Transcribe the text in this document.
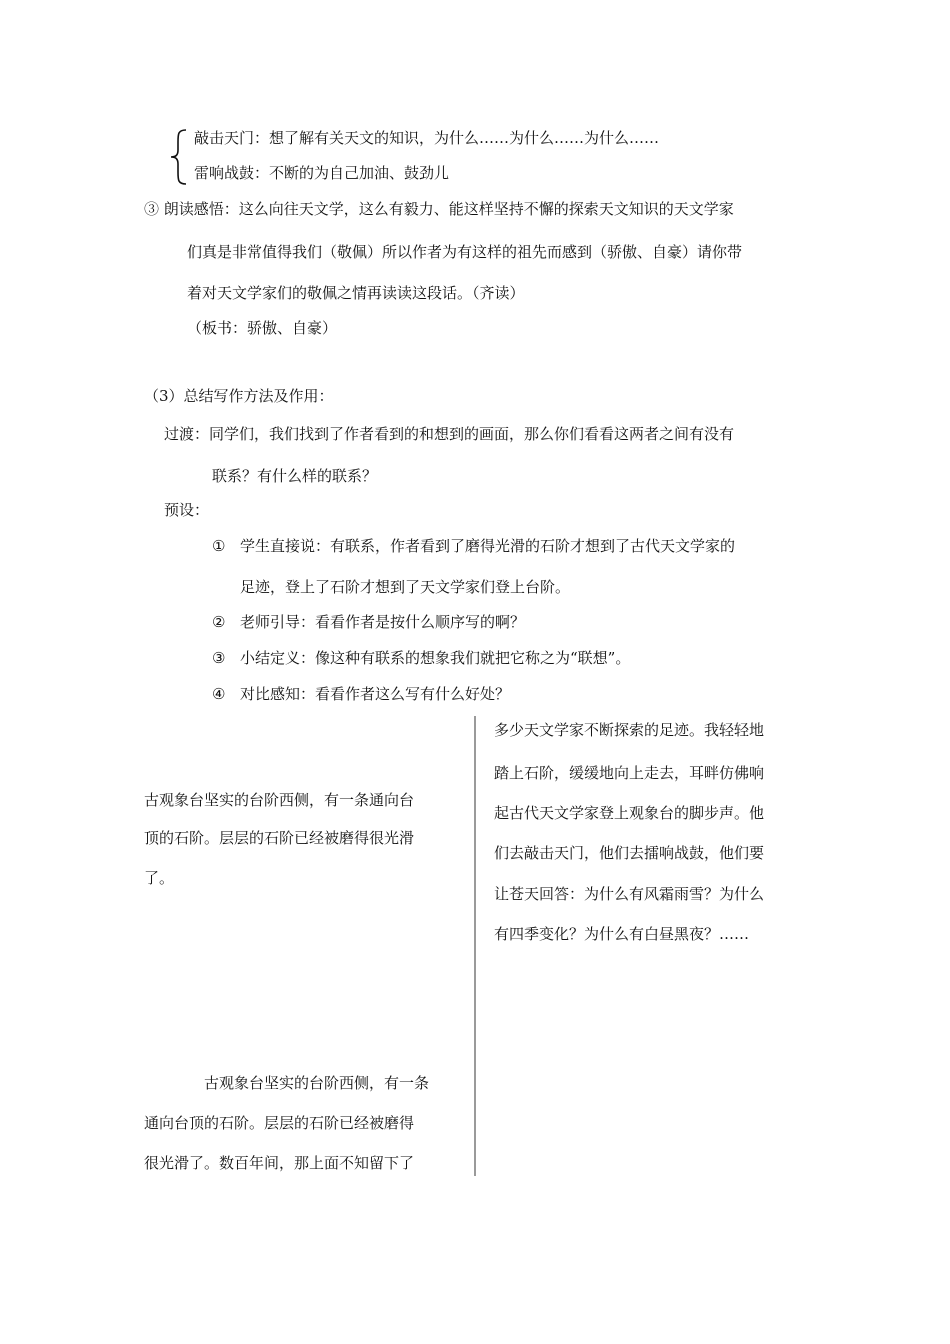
敲击天门：想了解有关天文的知识，为什么……为什么……为什么……
雷响战鼓：不断的为自己加油、鼓劲儿
③ 朗读感悟：这么向往天文学，这么有毅力、能这样坚持不懈的探索天文知识的天文学家
们真是非常值得我们（敬佩）所以作者为有这样的祖先而感到（骄傲、自豪）请你带
着对天文学家们的敬佩之情再读读这段话。（齐读）
（板书：骄傲、自豪）
（3）总结写作方法及作用：
过渡：同学们，我们找到了作者看到的和想到的画面，那么你们看看这两者之间有没有
联系？有什么样的联系？
预设：
① 学生直接说：有联系，作者看到了磨得光滑的石阶才想到了古代天文学家的
足迹，登上了石阶才想到了天文学家们登上台阶。
② 老师引导：看看作者是按什么顺序写的啊？
③ 小结定义：像这种有联系的想象我们就把它称之为“联想”。
④ 对比感知：看看作者这么写有什么好处？
古观象台坚实的台阶西侧，有一条通向台
顶的石阶。层层的石阶已经被磨得很光滑
了。
古观象台坚实的台阶西侧，有一条
通向台顶的石阶。层层的石阶已经被磨得
很光滑了。数百年间，那上面不知留下了
多少天文学家不断探索的足迹。我轻轻地
踏上石阶，缓缓地向上走去，耳畔仿佛响
起古代天文学家登上观象台的脚步声。他
们去敲击天门，他们去擂响战鼓，他们要
让苍天回答：为什么有风霜雨雪？为什么
有四季变化？为什么有白昼黑夜？……
